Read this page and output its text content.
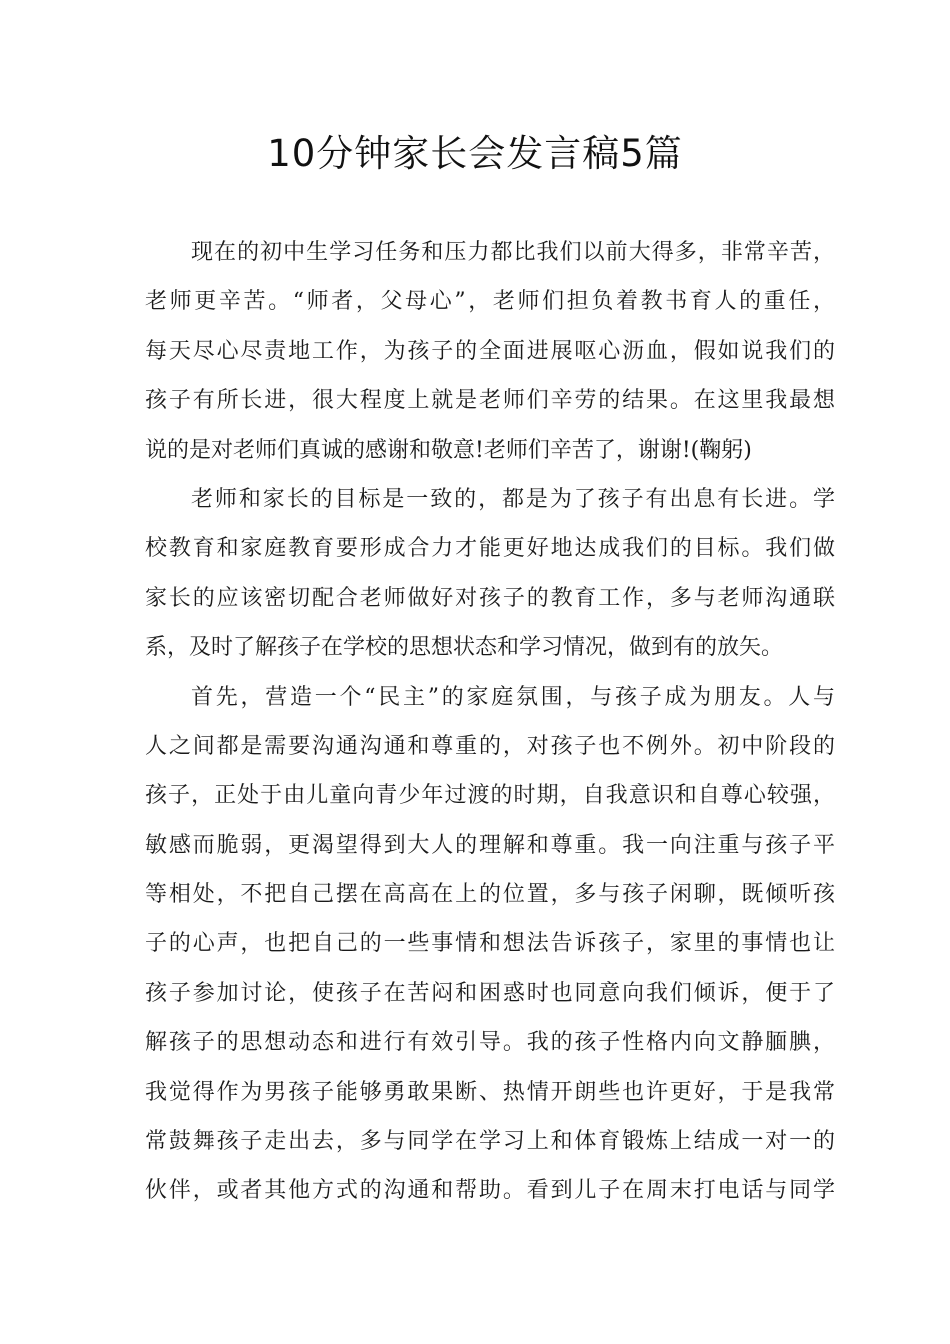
10分钟家长会发言稿5篇
现在的初中生学习任务和压力都比我们以前大得多，非常辛苦，
老师更辛苦。“师者，父母心”，老师们担负着教书育人的重任，
每天尽心尽责地工作，为孩子的全面进展呕心沥血，假如说我们的
孩子有所长进，很大程度上就是老师们辛劳的结果。在这里我最想
说的是对老师们真诚的感谢和敬意!老师们辛苦了，谢谢!(鞠躬)
老师和家长的目标是一致的，都是为了孩子有出息有长进。学
校教育和家庭教育要形成合力才能更好地达成我们的目标。我们做
家长的应该密切配合老师做好对孩子的教育工作，多与老师沟通联
系，及时了解孩子在学校的思想状态和学习情况，做到有的放矢。
首先，营造一个“民主”的家庭氛围，与孩子成为朋友。人与
人之间都是需要沟通沟通和尊重的，对孩子也不例外。初中阶段的
孩子，正处于由儿童向青少年过渡的时期，自我意识和自尊心较强，
敏感而脆弱，更渴望得到大人的理解和尊重。我一向注重与孩子平
等相处，不把自己摆在高高在上的位置，多与孩子闲聊，既倾听孩
子的心声，也把自己的一些事情和想法告诉孩子，家里的事情也让
孩子参加讨论，使孩子在苦闷和困惑时也同意向我们倾诉，便于了
解孩子的思想动态和进行有效引导。我的孩子性格内向文静腼腆，
我觉得作为男孩子能够勇敢果断、热情开朗些也许更好，于是我常
常鼓舞孩子走出去，多与同学在学习上和体育锻炼上结成一对一的
伙伴，或者其他方式的沟通和帮助。看到儿子在周末打电话与同学
